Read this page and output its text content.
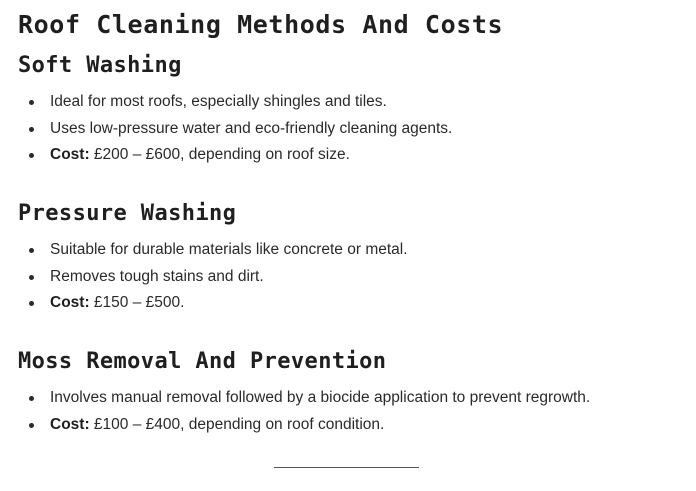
Roof Cleaning Methods And Costs
Soft Washing
Ideal for most roofs, especially shingles and tiles.
Uses low-pressure water and eco-friendly cleaning agents.
Cost: £200 – £600, depending on roof size.
Pressure Washing
Suitable for durable materials like concrete or metal.
Removes tough stains and dirt.
Cost: £150 – £500.
Moss Removal And Prevention
Involves manual removal followed by a biocide application to prevent regrowth.
Cost: £100 – £400, depending on roof condition.
